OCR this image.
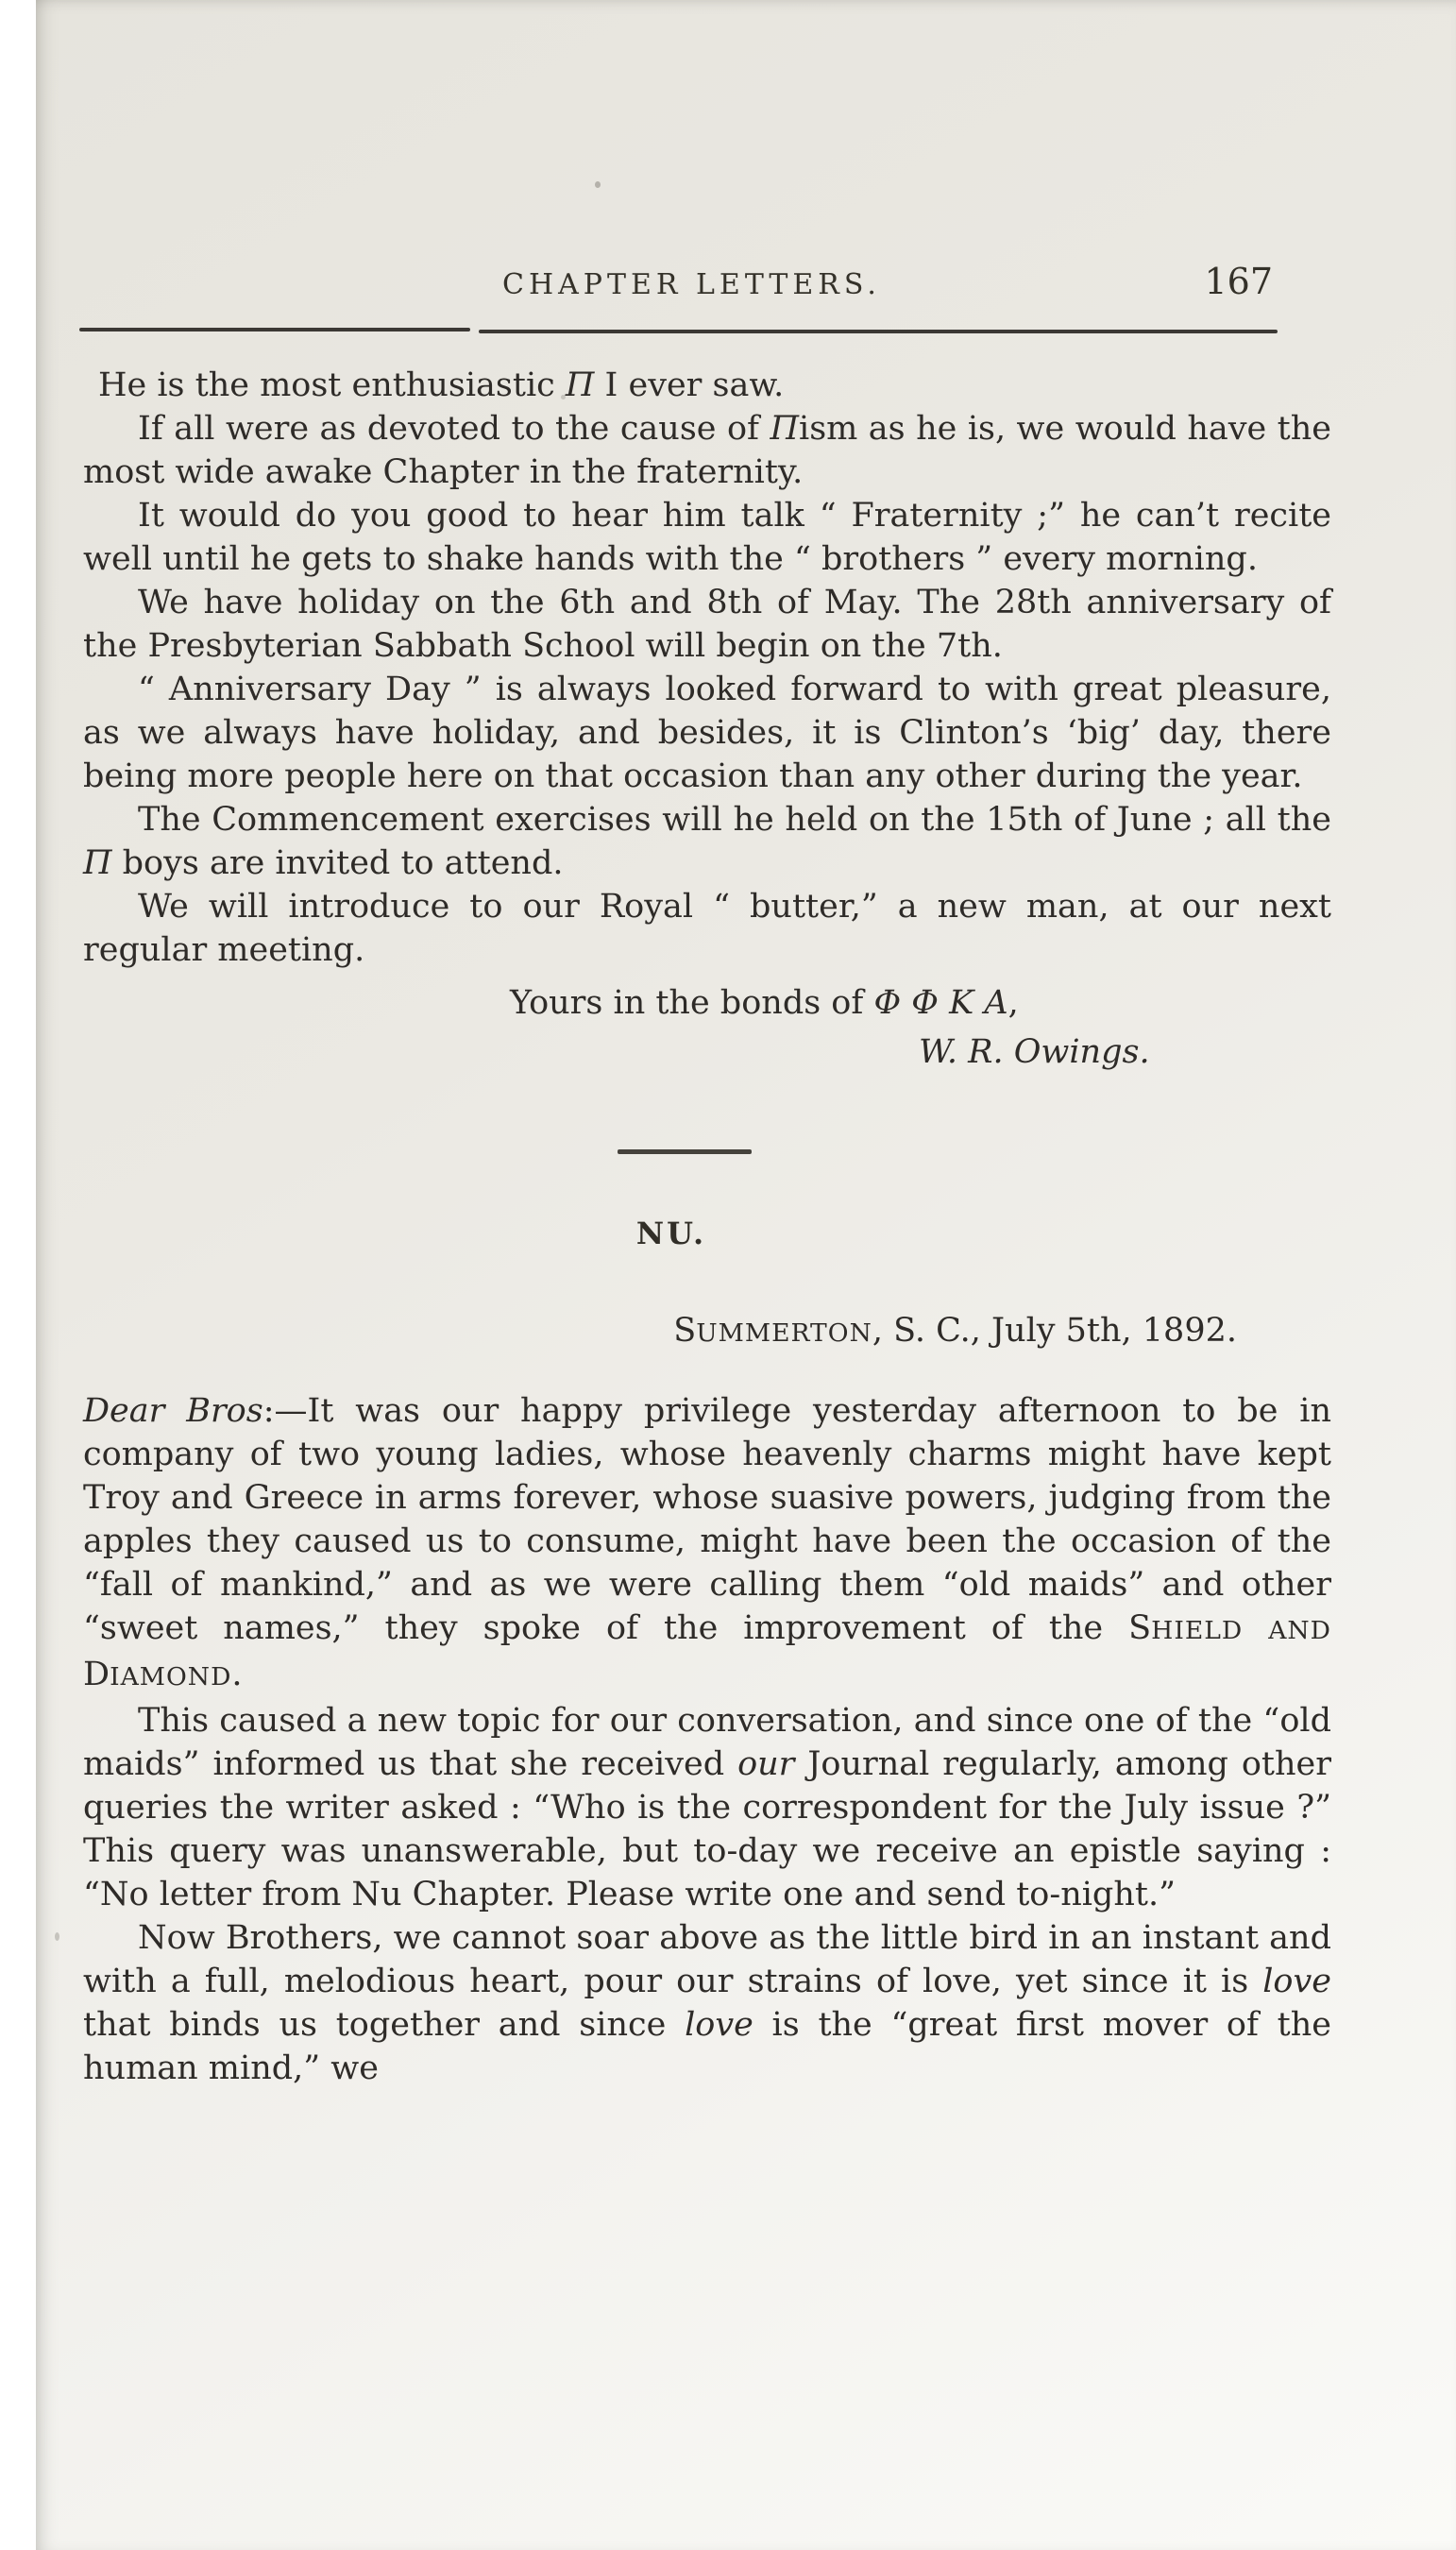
CHAPTER LETTERS.	167

He is the most enthusiastic Π I ever saw.

If all were as devoted to the cause of Πism as he is, we would have the most wide awake Chapter in the fraternity.

It would do you good to hear him talk “ Fraternity ;” he can’t recite well until he gets to shake hands with the “ brothers ” every morning.

We have holiday on the 6th and 8th of May. The 28th anniversary of the Presbyterian Sabbath School will begin on the 7th.

“ Anniversary Day ” is always looked forward to with great pleasure, as we always have holiday, and besides, it is Clinton’s ‘big’ day, there being more people here on that occasion than any other during the year.

The Commencement exercises will he held on the 15th of June ; all the Π boys are invited to attend.

We will introduce to our Royal “ butter,” a new man, at our next regular meeting.

Yours in the bonds of Φ Φ Κ Α,

W. R. Owings.

NU.

SUMMERTON, S. C., July 5th, 1892.

Dear Bros:—It was our happy privilege yesterday afternoon to be in company of two young ladies, whose heavenly charms might have kept Troy and Greece in arms forever, whose suasive powers, judging from the apples they caused us to consume, might have been the occasion of the “fall of mankind,” and as we were calling them “old maids” and other “sweet names,” they spoke of the improvement of the SHIELD AND DIAMOND.

This caused a new topic for our conversation, and since one of the “old maids” informed us that she received our Journal regularly, among other queries the writer asked : “Who is the correspondent for the July issue ?” This query was unanswerable, but to-day we receive an epistle saying : “No letter from Nu Chapter. Please write one and send to-night.”

Now Brothers, we cannot soar above as the little bird in an instant and with a full, melodious heart, pour our strains of love, yet since it is love that binds us together and since love is the “great first mover of the human mind,” we
